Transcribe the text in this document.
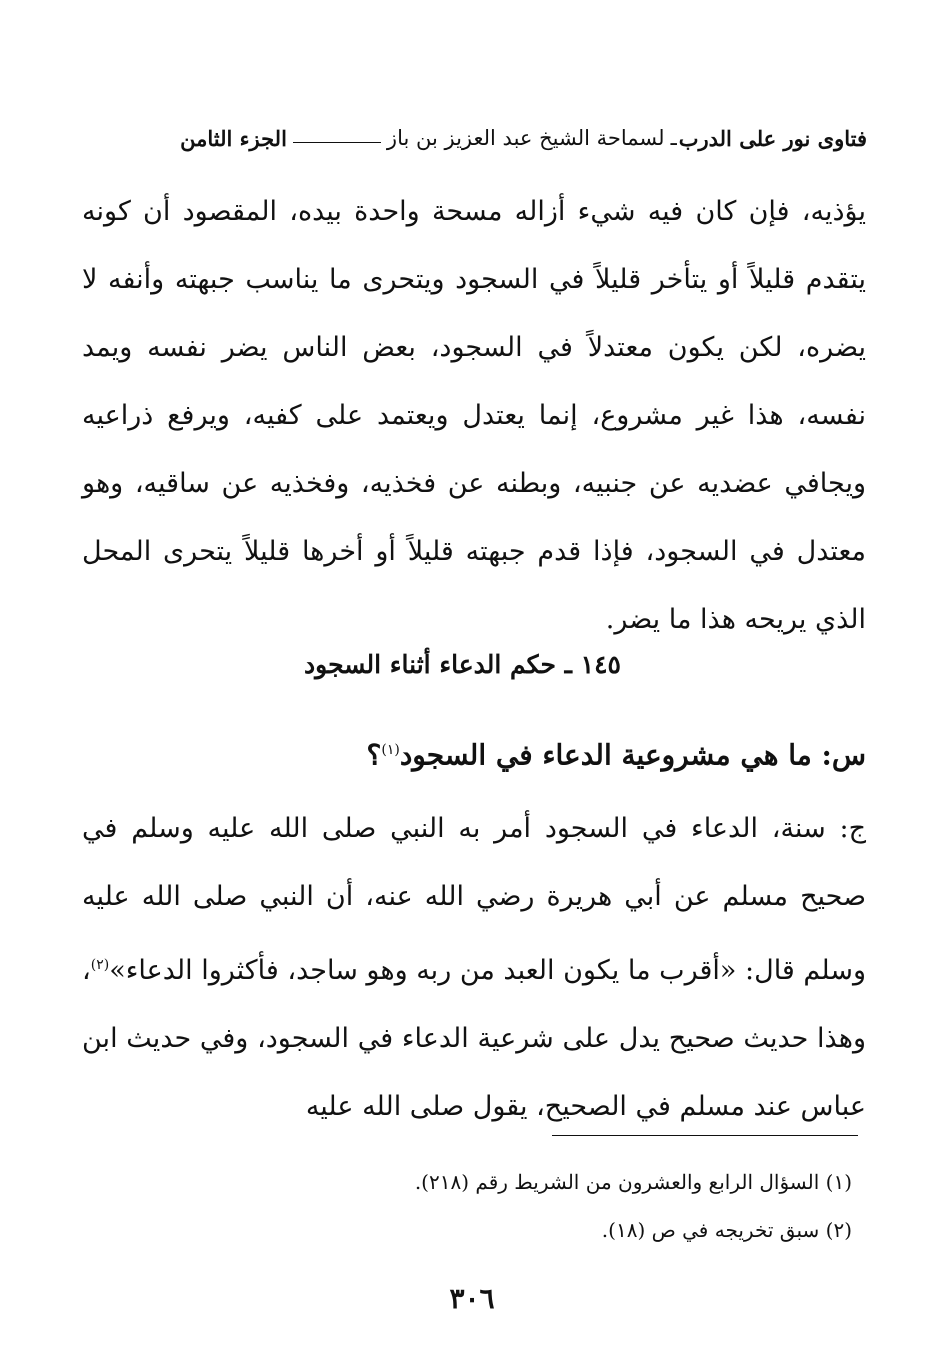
فتاوى نور على الدرب
ـ
لسماحة الشيخ عبد العزيز بن باز
الجزء الثامن
يؤذيه، فإن كان فيه شيء أزاله مسحة واحدة بيده، المقصود أن كونه يتقدم قليلاً أو يتأخر قليلاً في السجود ويتحرى ما يناسب جبهته وأنفه لا يضره، لكن يكون معتدلاً في السجود، بعض الناس يضر نفسه ويمد نفسه، هذا غير مشروع، إنما يعتدل ويعتمد على كفيه، ويرفع ذراعيه ويجافي عضديه عن جنبيه، وبطنه عن فخذيه، وفخذيه عن ساقيه، وهو معتدل في السجود، فإذا قدم جبهته قليلاً أو أخرها قليلاً يتحرى المحل الذي يريحه هذا ما يضر.
١٤٥ ـ حكم الدعاء أثناء السجود
س: ما هي مشروعية الدعاء في السجود$^{(١)}$؟
ج: سنة، الدعاء في السجود أمر به النبي صلى الله عليه وسلم في صحيح مسلم عن أبي هريرة رضي الله عنه، أن النبي صلى الله عليه وسلم قال: «أقرب ما يكون العبد من ربه وهو ساجد، فأكثروا الدعاء»$^{(٢)}$، وهذا حديث صحيح يدل على شرعية الدعاء في السجود، وفي حديث ابن عباس عند مسلم في الصحيح، يقول صلى الله عليه
(١) السؤال الرابع والعشرون من الشريط رقم (٢١٨).
(٢) سبق تخريجه في ص (١٨).
٣٠٦
